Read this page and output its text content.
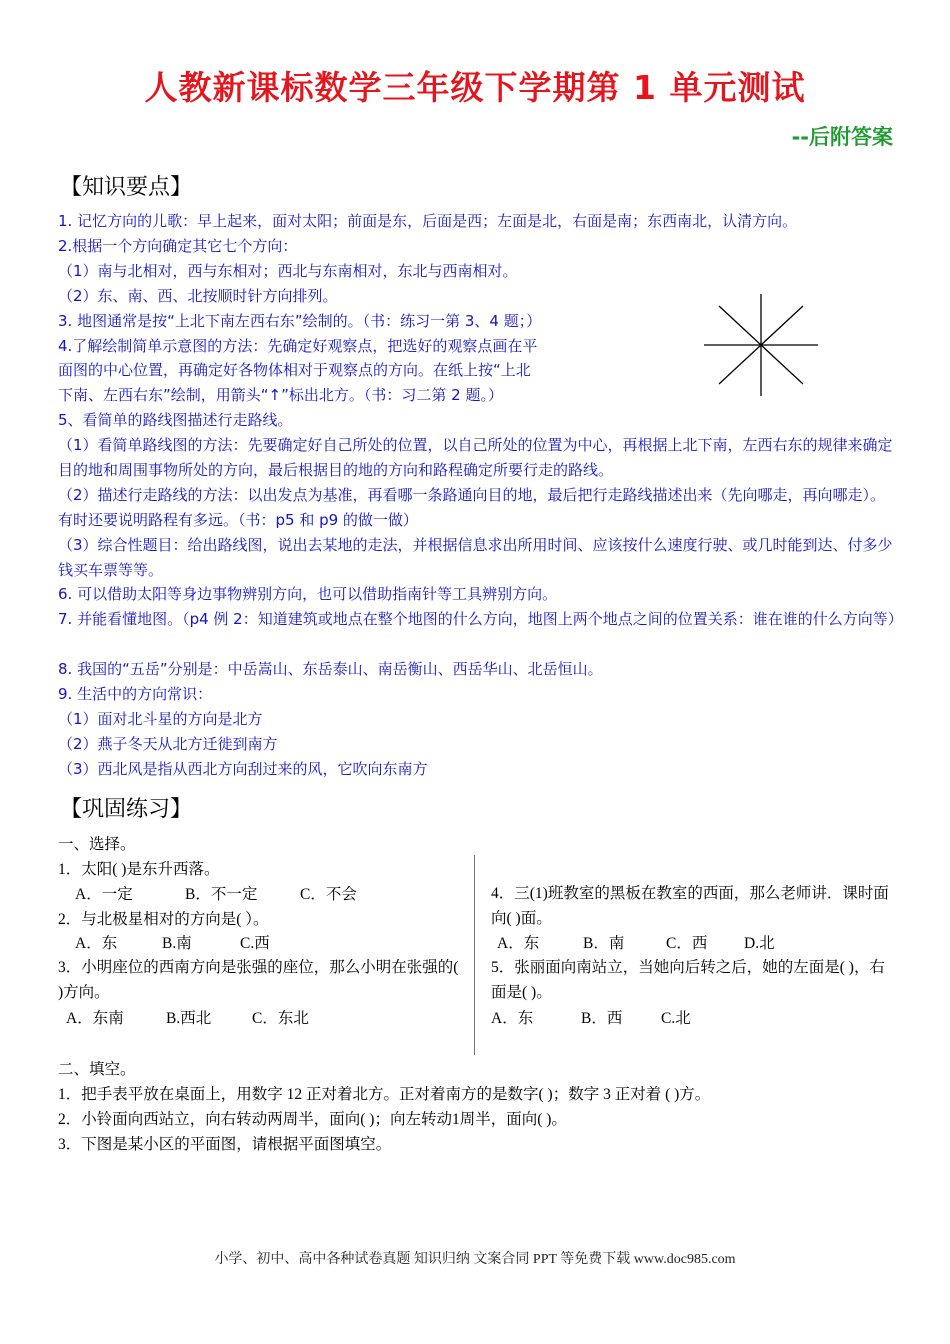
人教新课标数学三年级下学期第 1 单元测试
--后附答案
【知识要点】
1. 记忆方向的儿歌：早上起来，面对太阳；前面是东，后面是西；左面是北，右面是南；东西南北，认清方向。
2.根据一个方向确定其它七个方向：
（1）南与北相对，西与东相对；西北与东南相对，东北与西南相对。
（2）东、南、西、北按顺时针方向排列。
3. 地图通常是按“上北下南左西右东”绘制的。（书：练习一第 3、4 题；）
4.了解绘制简单示意图的方法：先确定好观察点，把选好的观察点画在平
面图的中心位置，再确定好各物体相对于观察点的方向。在纸上按“上北
下南、左西右东”绘制，用箭头“↑”标出北方。（书：习二第 2 题。）
5、看简单的路线图描述行走路线。
（1）看简单路线图的方法：先要确定好自己所处的位置，以自己所处的位置为中心，再根据上北下南，左西右东的规律来确定目的地和周围事物所处的方向，最后根据目的地的方向和路程确定所要行走的路线。
（2）描述行走路线的方法：以出发点为基准，再看哪一条路通向目的地，最后把行走路线描述出来（先向哪走，再向哪走）。有时还要说明路程有多远。（书：p5 和 p9 的做一做）
（3）综合性题目：给出路线图，说出去某地的走法，并根据信息求出所用时间、应该按什么速度行驶、或几时能到达、付多少钱买车票等等。
6. 可以借助太阳等身边事物辨别方向，也可以借助指南针等工具辨别方向。
7. 并能看懂地图。（p4 例 2：知道建筑或地点在整个地图的什么方向，地图上两个地点之间的位置关系：谁在谁的什么方向等）
8. 我国的“五岳”分别是：中岳嵩山、东岳泰山、南岳衡山、西岳华山、北岳恒山。
9. 生活中的方向常识：
（1）面对北斗星的方向是北方
（2）燕子冬天从北方迁徙到南方
（3）西北风是指从西北方向刮过来的风，它吹向东南方
【巩固练习】
一、选择。
1．太阳( )是东升西落。
A．一定	B．不一定	C．不会
2．与北极星相对的方向是( ）。
A．东	B.南	C.西
3．小明座位的西南方向是张强的座位，那么小明在张强的( )方向。
A．东南	B.西北	C．东北
4．三(1)班教室的黑板在教室的西面，那么老师讲．课时面向( )面。
A．东	B．南	C．西 D.北
5．张丽面向南站立，当她向后转之后，她的左面是( )，右面是( )。
A．东	B．西 C.北
二、填空。
1．把手表平放在桌面上，用数字 12 正对着北方。正对着南方的是数字( )；数字 3 正对着 ( )方。
2．小铃面向西站立，向右转动两周半，面向( )；向左转动1周半，面向( )。
3．下图是某小区的平面图，请根据平面图填空。
小学、初中、高中各种试卷真题 知识归纳 文案合同 PPT 等免费下载 www.doc985.com
